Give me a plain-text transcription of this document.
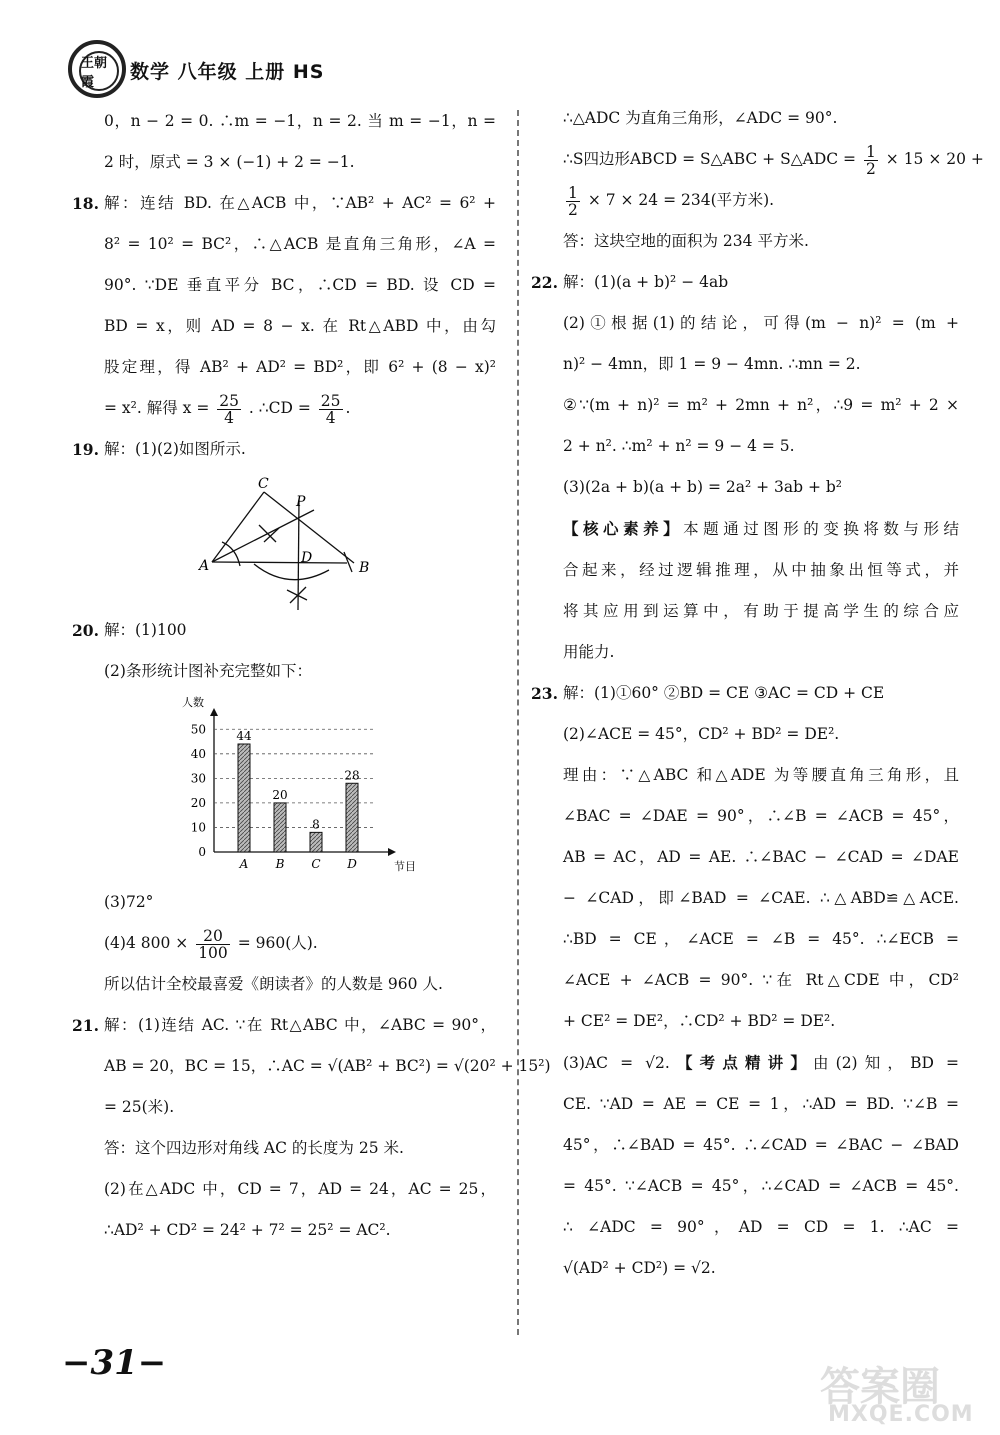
王朝霞	数学 八年级 上册 HS
0，n − 2 = 0. ∴m = −1，n = 2. 当 m = −1，n =
2 时，原式 = 3 × (−1) + 2 = −1.
18. 解：连结 BD. 在△ACB 中，∵AB² + AC² = 6² +
8² = 10² = BC²，∴△ACB 是直角三角形，∠A =
90°. ∵DE 垂直平分 BC，∴CD = BD. 设 CD =
BD = x，则 AD = 8 − x. 在 Rt△ABD 中，由勾
股定理，得 AB² + AD² = BD²，即 6² + (8 − x)²
= x². 解得 $x = \frac{25}{4}$ . ∴CD = $\frac{25}{4}$ .
19. 解：(1)(2)如图所示.
A	B
C
P
D
20. 解：(1)100
(2)条形统计图补充完整如下：
0
10
20
30
40
50	44
A
20
B
8
C
28
D
人数
节目
(3)72°
(4)4 $800 \times \frac{20}{100} = 960$(人).
所以估计全校最喜爱《朗读者》的人数是 960 人.
21. 解：(1)连结 AC. ∵在 Rt△ABC 中，∠ABC = 90°，
AB = 20，BC = 15，∴AC = √(AB² + BC²) = √(20² + 15²)
= 25(米).
答：这个四边形对角线 AC 的长度为 25 米.
(2)在△ADC 中，CD = 7，AD = 24，AC = 25，
∴AD² + CD² = 24² + 7² = 25² = AC².
∴△ADC 为直角三角形，∠ADC = 90°.
∴S四边形ABCD = S△ABC + S△ADC = $\frac{1}{2} \times 15 \times 20$ +
$\frac{1}{2} \times 7 \times 24 = 234$(平方米).
答：这块空地的面积为 234 平方米.
22. 解：(1)(a + b)² − 4ab
(2)①根据(1)的结论，可得(m − n)² = (m +
n)² − 4mn，即 1 = 9 − 4mn. ∴mn = 2.
②∵(m + n)² = m² + 2mn + n²，∴9 = m² + 2 ×
2 + n². ∴m² + n² = 9 − 4 = 5.
(3)(2a + b)(a + b) = 2a² + 3ab + b²
【核心素养】本题通过图形的变换将数与形结
合起来，经过逻辑推理，从中抽象出恒等式，并
将其应用到运算中，有助于提高学生的综合应
用能力.
23. 解：(1)①60° ②BD = CE ③AC = CD + CE
(2)∠ACE = 45°，CD² + BD² = DE².
理由：∵△ABC 和△ADE 为等腰直角三角形，且
∠BAC = ∠DAE = 90°，∴∠B = ∠ACB = 45°，
AB = AC，AD = AE. ∴∠BAC − ∠CAD = ∠DAE
− ∠CAD，即∠BAD = ∠CAE. ∴△ABD≌△ACE.
∴BD = CE，∠ACE = ∠B = 45°. ∴∠ECB =
∠ACE + ∠ACB = 90°. ∵在 Rt△CDE 中，CD²
+ CE² = DE²，∴CD² + BD² = DE².
(3)AC = √2.【考点精讲】由(2)知，BD =
CE. ∵AD = AE = CE = 1，∴AD = BD. ∵∠B =
45°，∴∠BAD = 45°. ∴∠CAD = ∠BAC − ∠BAD
= 45°. ∵∠ACB = 45°，∴∠CAD = ∠ACB = 45°.
∴ ∠ADC = 90°，AD = CD = 1. ∴AC =
√(AD² + CD²) = √2.
−31−
答案圈
MXQE.COM
